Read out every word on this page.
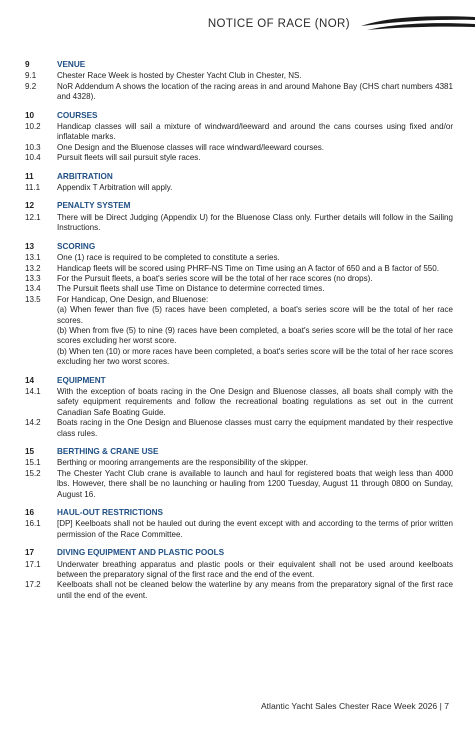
NOTICE OF RACE (NOR)
9	VENUE
9.1	Chester Race Week is hosted by Chester Yacht Club in Chester, NS.
9.2	NoR Addendum A shows the location of the racing areas in and around Mahone Bay (CHS chart numbers 4381 and 4328).
10	COURSES
10.2	Handicap classes will sail a mixture of windward/leeward and around the cans courses using fixed and/or inflatable marks.
10.3	One Design and the Bluenose classes will race windward/leeward courses.
10.4	Pursuit fleets will sail pursuit style races.
11	ARBITRATION
11.1	Appendix T Arbitration will apply.
12	PENALTY SYSTEM
12.1	There will be Direct Judging (Appendix U) for the Bluenose Class only. Further details will follow in the Sailing Instructions.
13	SCORING
13.1	One (1) race is required to be completed to constitute a series.
13.2	Handicap fleets will be scored using PHRF-NS Time on Time using an A factor of 650 and a B factor of 550.
13.3	For the Pursuit fleets, a boat's series score will be the total of her race scores (no drops).
13.4	The Pursuit fleets shall use Time on Distance to determine corrected times.
13.5	For Handicap, One Design, and Bluenose:
(a) When fewer than five (5) races have been completed, a boat's series score will be the total of her race scores.
(b) When from five (5) to nine (9) races have been completed, a boat's series score will be the total of her race scores excluding her worst score.
(b) When ten (10) or more races have been completed, a boat's series score will be the total of her race scores excluding her two worst scores.
14	EQUIPMENT
14.1	With the exception of boats racing in the One Design and Bluenose classes, all boats shall comply with the safety equipment requirements and follow the recreational boating regulations as set out in the current Canadian Safe Boating Guide.
14.2	Boats racing in the One Design and Bluenose classes must carry the equipment mandated by their respective class rules.
15	BERTHING & CRANE USE
15.1	Berthing or mooring arrangements are the responsibility of the skipper.
15.2	The Chester Yacht Club crane is available to launch and haul for registered boats that weigh less than 4000 lbs. However, there shall be no launching or hauling from 1200 Tuesday, August 11 through 0800 on Sunday, August 16.
16	HAUL-OUT RESTRICTIONS
16.1	[DP] Keelboats shall not be hauled out during the event except with and according to the terms of prior written permission of the Race Committee.
17	DIVING EQUIPMENT AND PLASTIC POOLS
17.1	Underwater breathing apparatus and plastic pools or their equivalent shall not be used around keelboats between the preparatory signal of the first race and the end of the event.
17.2	Keelboats shall not be cleaned below the waterline by any means from the preparatory signal of the first race until the end of the event.
Atlantic Yacht Sales Chester Race Week 2026 | 7
